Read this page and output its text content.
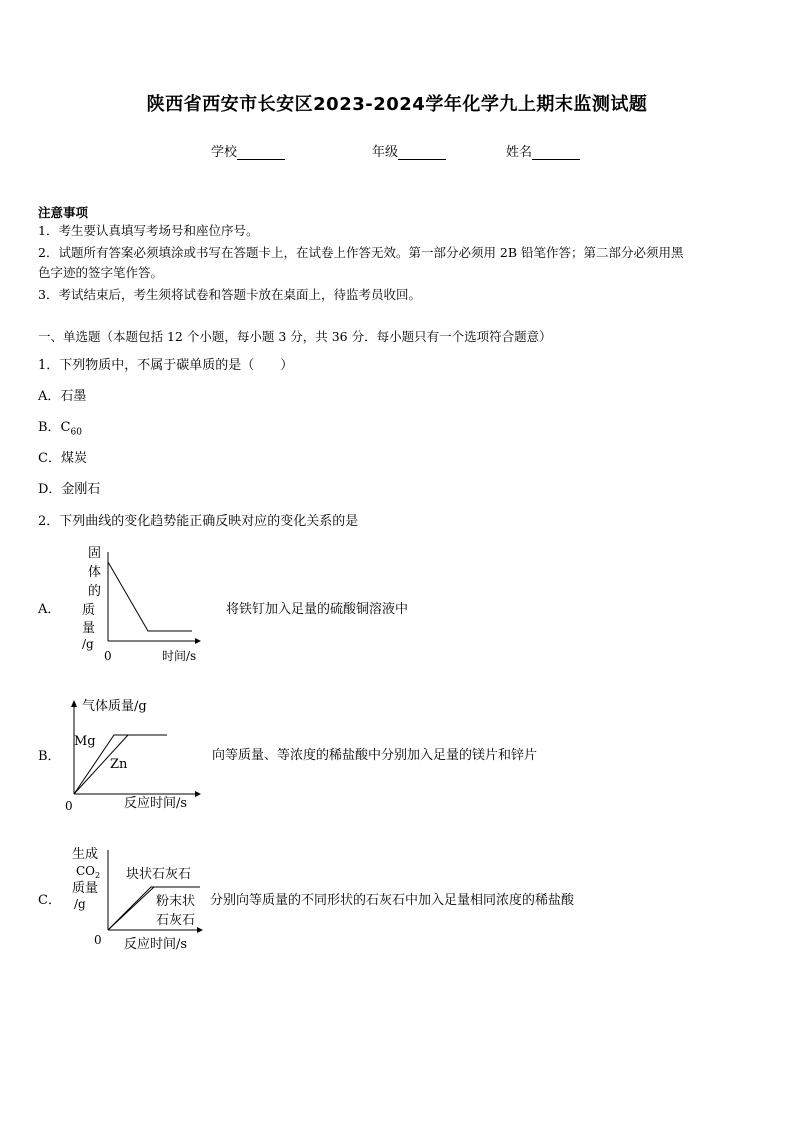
陕西省西安市长安区2023-2024学年化学九上期末监测试题
学校	年级	姓名
注意事项
1．考生要认真填写考场号和座位序号。
2．试题所有答案必须填涂或书写在答题卡上，在试卷上作答无效。第一部分必须用 2B 铅笔作答；第二部分必须用黑
色字迹的签字笔作答。
3．考试结束后，考生须将试卷和答题卡放在桌面上，待监考员收回。
一、单选题（本题包括 12 个小题，每小题 3 分，共 36 分．每小题只有一个选项符合题意）
1．下列物质中，不属于碳单质的是（　　）
A．石墨
B．$C_{60}$
C．煤炭
D．金刚石
2．下列曲线的变化趋势能正确反映对应的变化关系的是
A．
固
体
的
质
量
/g
0	时间/s
将铁钉加入足量的硫酸铜溶液中
B．
气体质量/g
Mg
Zn
0	反应时间/s
向等质量、等浓度的稀盐酸中分别加入足量的镁片和锌片
C．
生成
$CO_2$
质量
/g
块状石灰石
粉末状
石灰石
0 反应时间/s
分别向等质量的不同形状的石灰石中加入足量相同浓度的稀盐酸
